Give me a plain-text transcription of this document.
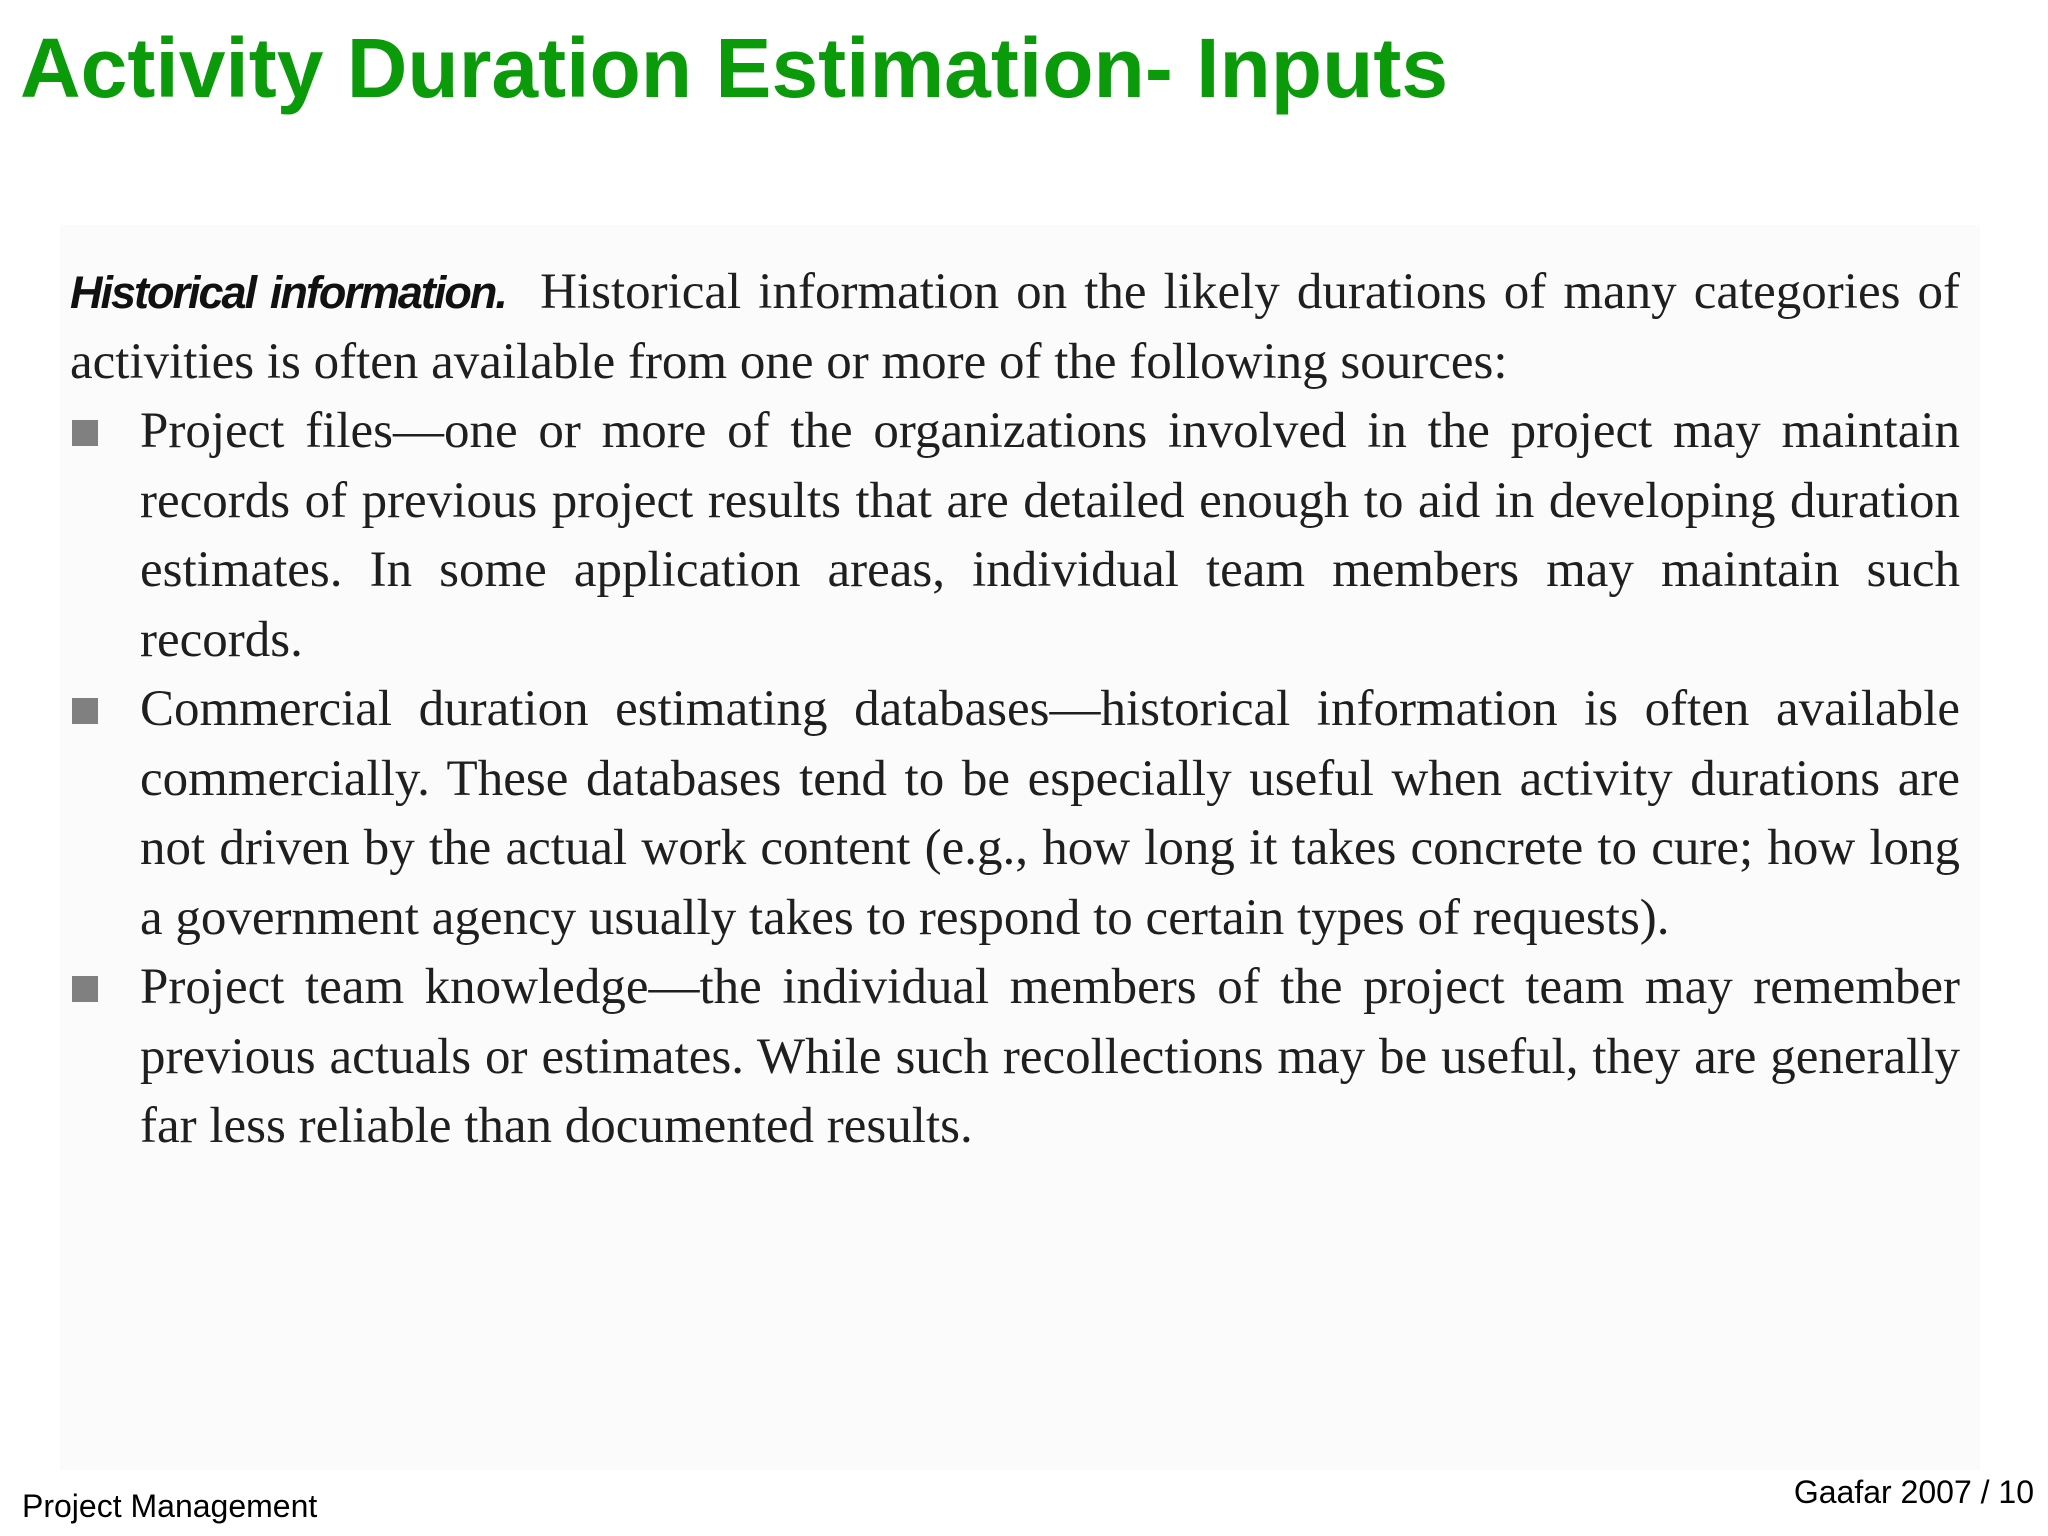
Activity Duration Estimation- Inputs

Historical information. Historical information on the likely durations of many categories of activities is often available from one or more of the following sources:

Project files—one or more of the organizations involved in the project may maintain records of previous project results that are detailed enough to aid in developing duration estimates. In some application areas, individual team members may maintain such records.
Commercial duration estimating databases—historical information is often available commercially. These databases tend to be especially useful when activity durations are not driven by the actual work content (e.g., how long it takes concrete to cure; how long a government agency usually takes to respond to certain types of requests).
Project team knowledge—the individual members of the project team may remember previous actuals or estimates. While such recollections may be useful, they are generally far less reliable than documented results.
Project Management	Gaafar 2007 / 10
